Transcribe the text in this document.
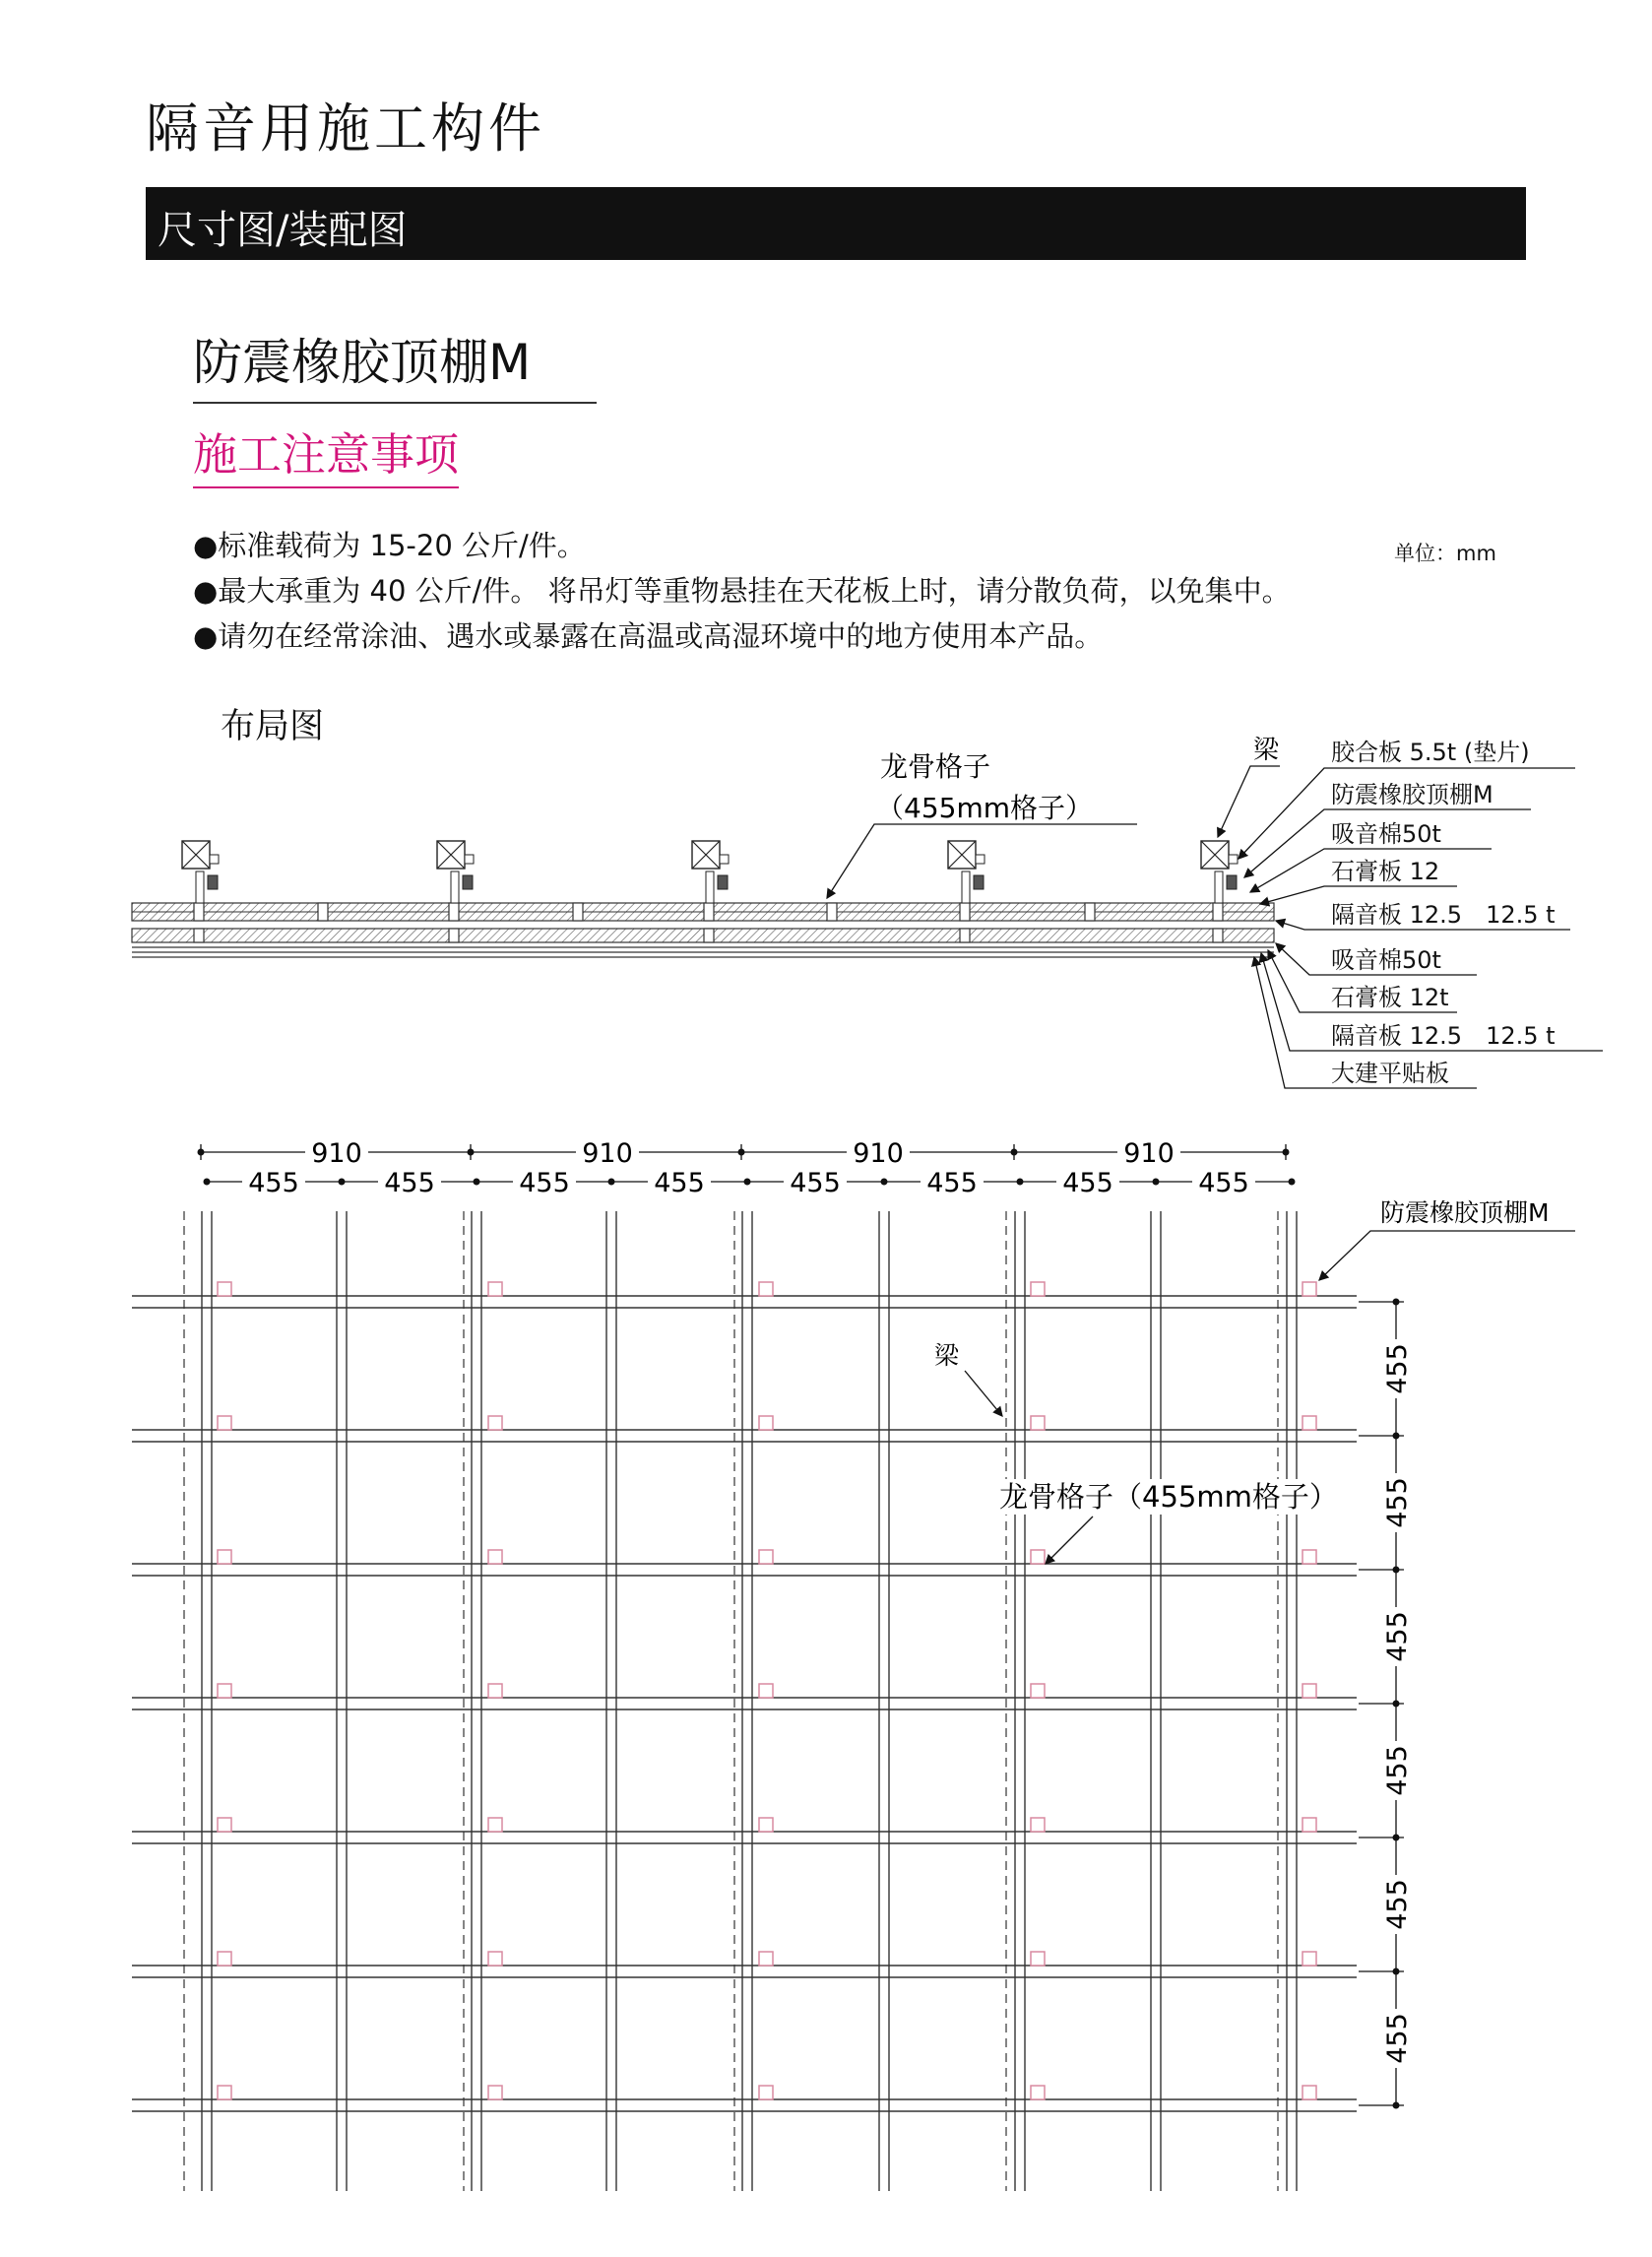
隔音用施工构件
尺寸图/装配图
防震橡胶顶棚M
施工注意事项
●标准载荷为 15-20 公斤/件。
●最大承重为 40 公斤/件。 将吊灯等重物悬挂在天花板上时，请分散负荷，以免集中。
●请勿在经常涂油、遇水或暴露在高温或高湿环境中的地方使用本产品。
单位：mm
布局图
龙骨格子
（455mm格子）
梁 胶合板 5.5t (垫片)
防震橡胶顶棚M
吸音棉50t
石膏板 12
隔音板 12.5　12.5 t
吸音棉50t
石膏板 12t
隔音板 12.5　12.5 t
大建平贴板
910	910	910	910
455	455	455	455	455	455	455	455
455
455
455
455
455
455
防震橡胶顶棚M
梁
龙骨格子（455mm格子）
